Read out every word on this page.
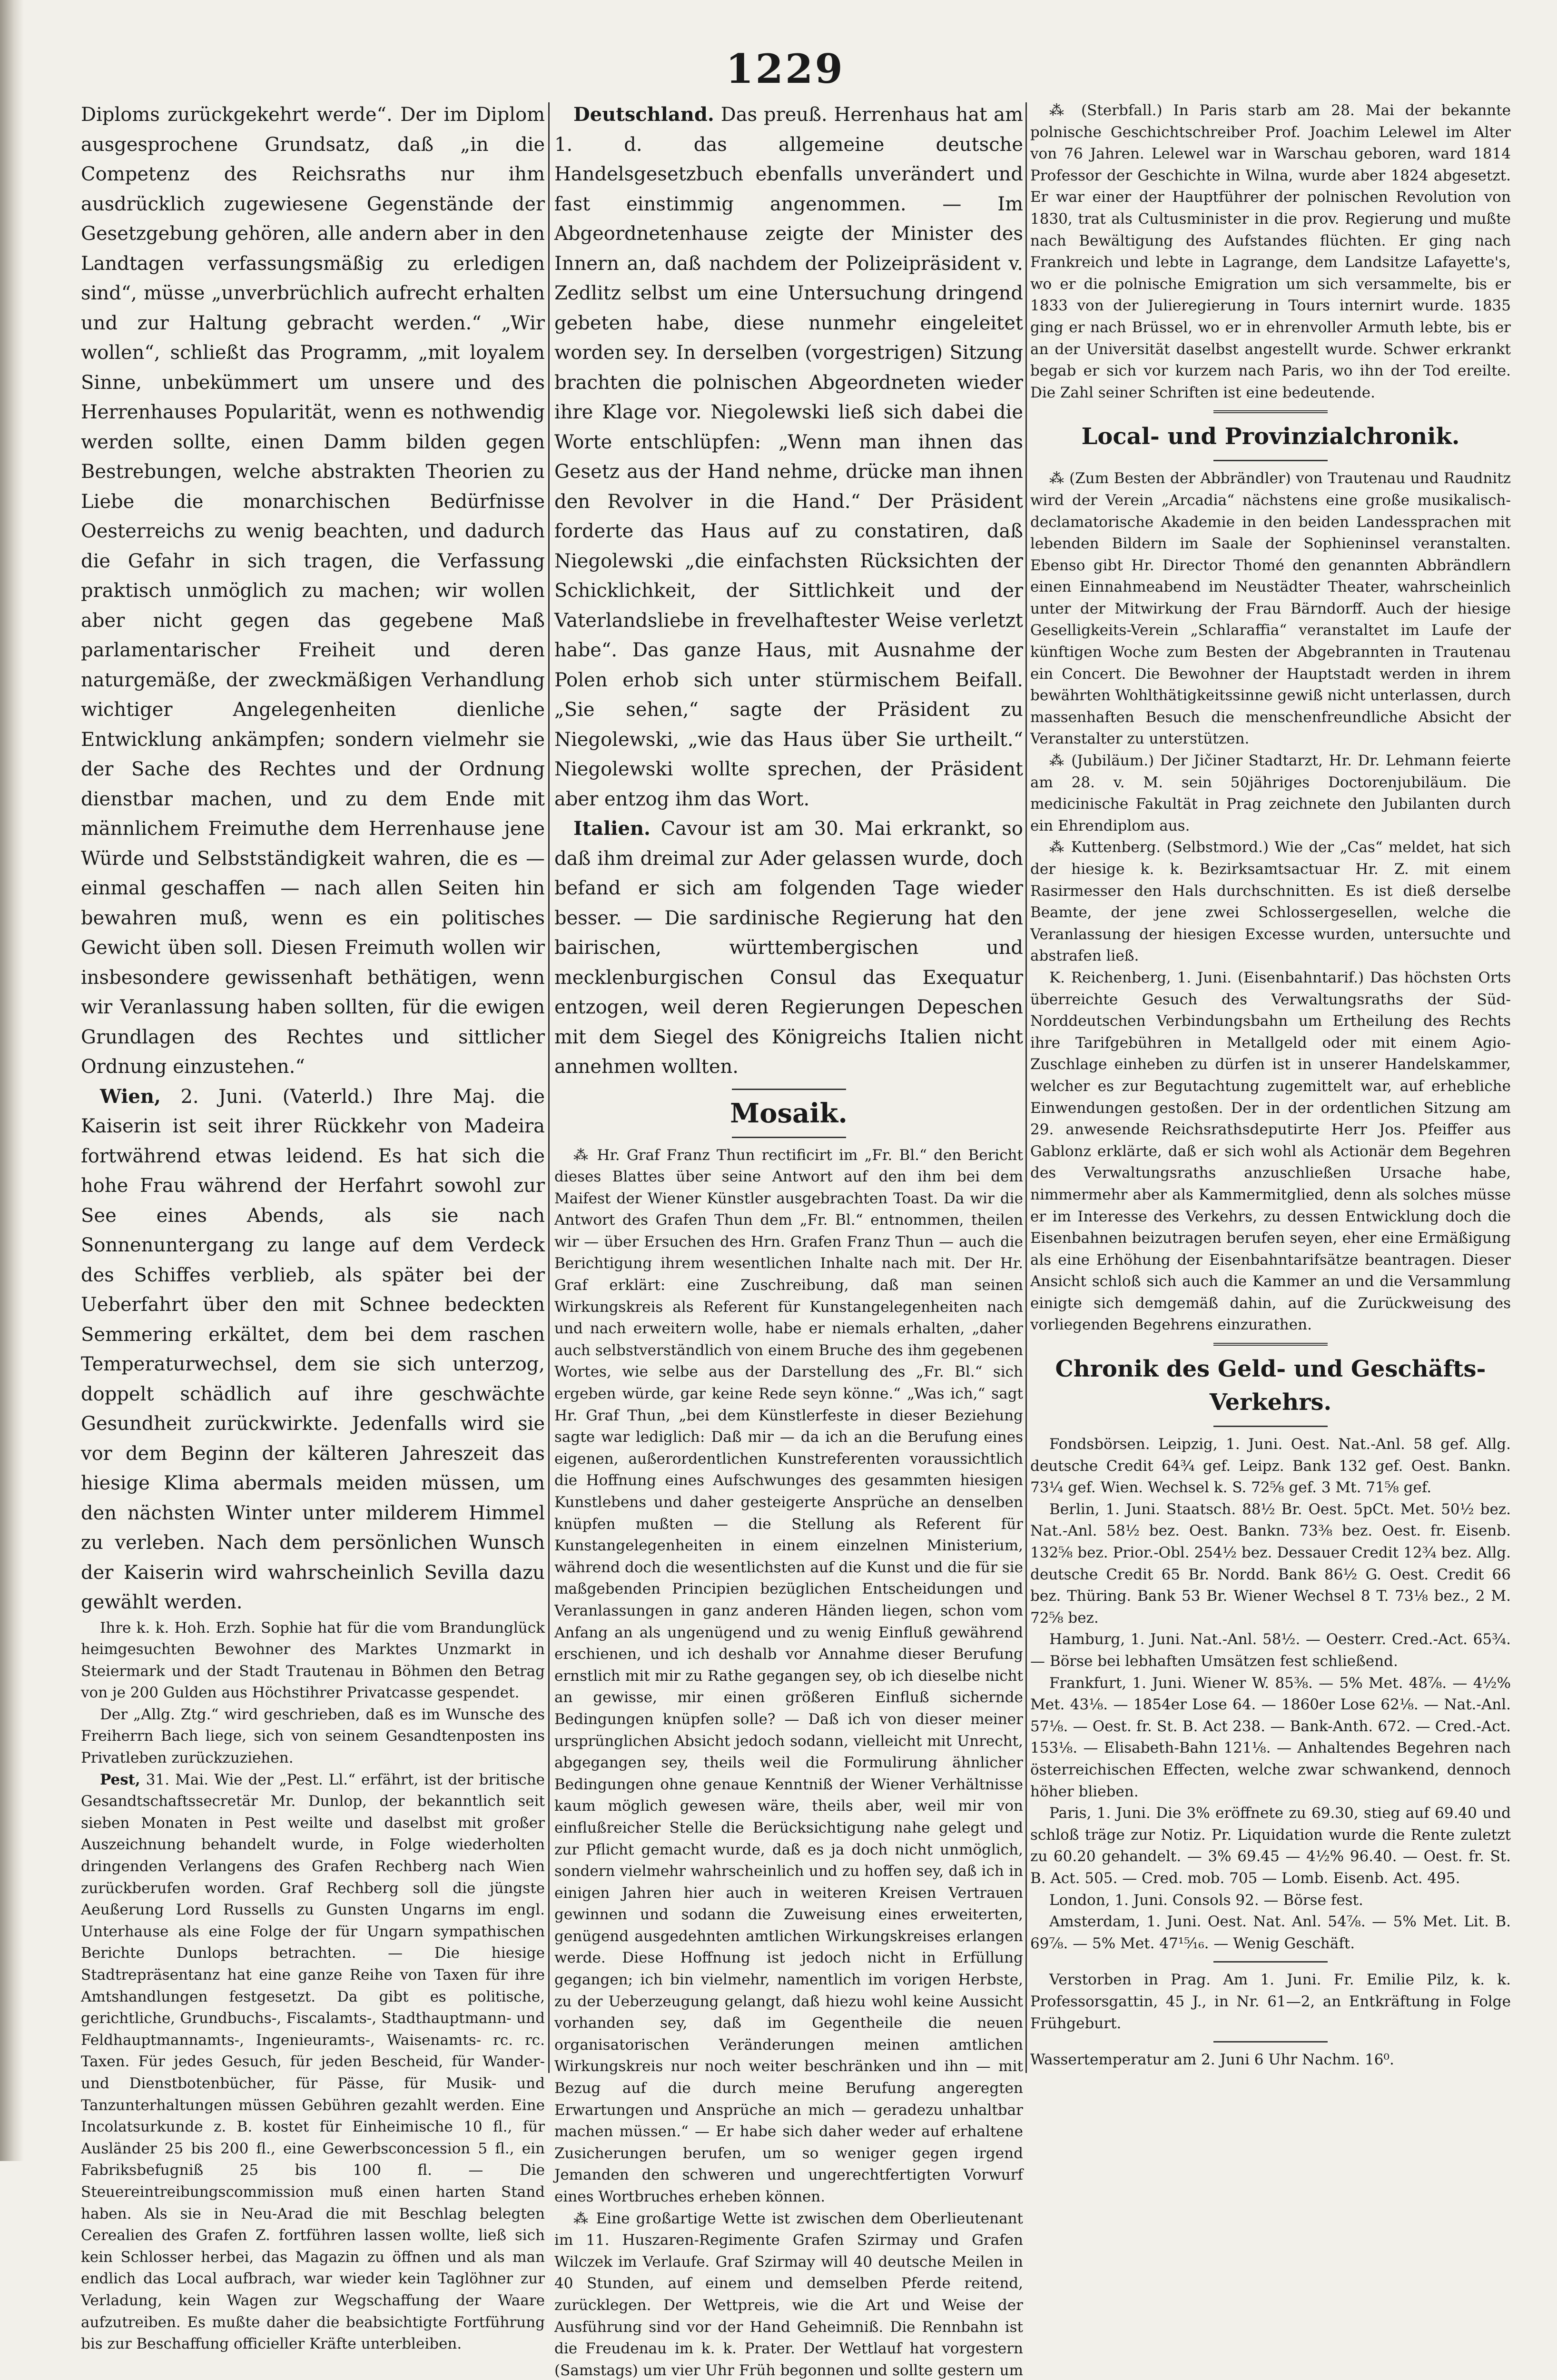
1229

Diploms zurückgekehrt werde“. Der im Diplom ausgesprochene Grundsatz, daß „in die Competenz des Reichsraths nur ihm ausdrücklich zugewiesene Gegenstände der Gesetzgebung gehören, alle andern aber in den Landtagen verfassungsmäßig zu erledigen sind“, müsse „unverbrüchlich aufrecht erhalten und zur Haltung gebracht werden.“ „Wir wollen“, schließt das Programm, „mit loyalem Sinne, unbekümmert um unsere und des Herrenhauses Popularität, wenn es nothwendig werden sollte, einen Damm bilden gegen Bestrebungen, welche abstrakten Theorien zu Liebe die monarchischen Bedürfnisse Oesterreichs zu wenig beachten, und dadurch die Gefahr in sich tragen, die Verfassung praktisch unmöglich zu machen; wir wollen aber nicht gegen das gegebene Maß parlamentarischer Freiheit und deren naturgemäße, der zweckmäßigen Verhandlung wichtiger Angelegenheiten dienliche Entwicklung ankämpfen; sondern vielmehr sie der Sache des Rechtes und der Ordnung dienstbar machen, und zu dem Ende mit männlichem Freimuthe dem Herrenhause jene Würde und Selbstständigkeit wahren, die es — einmal geschaffen — nach allen Seiten hin bewahren muß, wenn es ein politisches Gewicht üben soll. Diesen Freimuth wollen wir insbesondere gewissenhaft bethätigen, wenn wir Veranlassung haben sollten, für die ewigen Grundlagen des Rechtes und sittlicher Ordnung einzustehen.“

Wien, 2. Juni. (Vaterld.) Ihre Maj. die Kaiserin ist seit ihrer Rückkehr von Madeira fortwährend etwas leidend. Es hat sich die hohe Frau während der Herfahrt sowohl zur See eines Abends, als sie nach Sonnenuntergang zu lange auf dem Verdeck des Schiffes verblieb, als später bei der Ueberfahrt über den mit Schnee bedeckten Semmering erkältet, dem bei dem raschen Temperaturwechsel, dem sie sich unterzog, doppelt schädlich auf ihre geschwächte Gesundheit zurückwirkte. Jedenfalls wird sie vor dem Beginn der kälteren Jahreszeit das hiesige Klima abermals meiden müssen, um den nächsten Winter unter milderem Himmel zu verleben. Nach dem persönlichen Wunsch der Kaiserin wird wahrscheinlich Sevilla dazu gewählt werden.

Ihre k. k. Hoh. Erzh. Sophie hat für die vom Brandunglück heimgesuchten Bewohner des Marktes Unzmarkt in Steiermark und der Stadt Trautenau in Böhmen den Betrag von je 200 Gulden aus Höchstihrer Privatcasse gespendet.

Der „Allg. Ztg.“ wird geschrieben, daß es im Wunsche des Freiherrn Bach liege, sich von seinem Gesandtenposten ins Privatleben zurückzuziehen.

Pest, 31. Mai. Wie der „Pest. Ll.“ erfährt, ist der britische Gesandtschaftssecretär Mr. Dunlop, der bekanntlich seit sieben Monaten in Pest weilte und daselbst mit großer Auszeichnung behandelt wurde, in Folge wiederholten dringenden Verlangens des Grafen Rechberg nach Wien zurückberufen worden. Graf Rechberg soll die jüngste Aeußerung Lord Russells zu Gunsten Ungarns im engl. Unterhause als eine Folge der für Ungarn sympathischen Berichte Dunlops betrachten. — Die hiesige Stadtrepräsentanz hat eine ganze Reihe von Taxen für ihre Amtshandlungen festgesetzt. Da gibt es politische, gerichtliche, Grundbuchs-, Fiscalamts-, Stadthauptmann- und Feldhauptmannamts-, Ingenieuramts-, Waisenamts- rc. rc. Taxen. Für jedes Gesuch, für jeden Bescheid, für Wander- und Dienstbotenbücher, für Pässe, für Musik- und Tanzunterhaltungen müssen Gebühren gezahlt werden. Eine Incolatsurkunde z. B. kostet für Einheimische 10 fl., für Ausländer 25 bis 200 fl., eine Gewerbsconcession 5 fl., ein Fabriksbefugniß 25 bis 100 fl. — Die Steuereintreibungscommission muß einen harten Stand haben. Als sie in Neu-Arad die mit Beschlag belegten Cerealien des Grafen Z. fortführen lassen wollte, ließ sich kein Schlosser herbei, das Magazin zu öffnen und als man endlich das Local aufbrach, war wieder kein Taglöhner zur Verladung, kein Wagen zur Wegschaffung der Waare aufzutreiben. Es mußte daher die beabsichtigte Fortführung bis zur Beschaffung officieller Kräfte unterbleiben.

Deutschland. Das preuß. Herrenhaus hat am 1. d. das allgemeine deutsche Handelsgesetzbuch ebenfalls unverändert und fast einstimmig angenommen. — Im Abgeordnetenhause zeigte der Minister des Innern an, daß nachdem der Polizeipräsident v. Zedlitz selbst um eine Untersuchung dringend gebeten habe, diese nunmehr eingeleitet worden sey. In derselben (vorgestrigen) Sitzung brachten die polnischen Abgeordneten wieder ihre Klage vor. Niegolewski ließ sich dabei die Worte entschlüpfen: „Wenn man ihnen das Gesetz aus der Hand nehme, drücke man ihnen den Revolver in die Hand.“ Der Präsident forderte das Haus auf zu constatiren, daß Niegolewski „die einfachsten Rücksichten der Schicklichkeit, der Sittlichkeit und der Vaterlandsliebe in frevelhaftester Weise verletzt habe“. Das ganze Haus, mit Ausnahme der Polen erhob sich unter stürmischem Beifall. „Sie sehen,“ sagte der Präsident zu Niegolewski, „wie das Haus über Sie urtheilt.“ Niegolewski wollte sprechen, der Präsident aber entzog ihm das Wort.

Italien. Cavour ist am 30. Mai erkrankt, so daß ihm dreimal zur Ader gelassen wurde, doch befand er sich am folgenden Tage wieder besser. — Die sardinische Regierung hat den bairischen, württembergischen und mecklenburgischen Consul das Exequatur entzogen, weil deren Regierungen Depeschen mit dem Siegel des Königreichs Italien nicht annehmen wollten.

Mosaik.

⁂ Hr. Graf Franz Thun rectificirt im „Fr. Bl.“ den Bericht dieses Blattes über seine Antwort auf den ihm bei dem Maifest der Wiener Künstler ausgebrachten Toast. Da wir die Antwort des Grafen Thun dem „Fr. Bl.“ entnommen, theilen wir — über Ersuchen des Hrn. Grafen Franz Thun — auch die Berichtigung ihrem wesentlichen Inhalte nach mit. Der Hr. Graf erklärt: eine Zuschreibung, daß man seinen Wirkungskreis als Referent für Kunstangelegenheiten nach und nach erweitern wolle, habe er niemals erhalten, „daher auch selbstverständlich von einem Bruche des ihm gegebenen Wortes, wie selbe aus der Darstellung des „Fr. Bl.“ sich ergeben würde, gar keine Rede seyn könne.“ „Was ich,“ sagt Hr. Graf Thun, „bei dem Künstlerfeste in dieser Beziehung sagte war lediglich: Daß mir — da ich an die Berufung eines eigenen, außerordentlichen Kunstreferenten voraussichtlich die Hoffnung eines Aufschwunges des gesammten hiesigen Kunstlebens und daher gesteigerte Ansprüche an denselben knüpfen mußten — die Stellung als Referent für Kunstangelegenheiten in einem einzelnen Ministerium, während doch die wesentlichsten auf die Kunst und die für sie maßgebenden Principien bezüglichen Entscheidungen und Veranlassungen in ganz anderen Händen liegen, schon vom Anfang an als ungenügend und zu wenig Einfluß gewährend erschienen, und ich deshalb vor Annahme dieser Berufung ernstlich mit mir zu Rathe gegangen sey, ob ich dieselbe nicht an gewisse, mir einen größeren Einfluß sichernde Bedingungen knüpfen solle? — Daß ich von dieser meiner ursprünglichen Absicht jedoch sodann, vielleicht mit Unrecht, abgegangen sey, theils weil die Formulirung ähnlicher Bedingungen ohne genaue Kenntniß der Wiener Verhältnisse kaum möglich gewesen wäre, theils aber, weil mir von einflußreicher Stelle die Berücksichtigung nahe gelegt und zur Pflicht gemacht wurde, daß es ja doch nicht unmöglich, sondern vielmehr wahrscheinlich und zu hoffen sey, daß ich in einigen Jahren hier auch in weiteren Kreisen Vertrauen gewinnen und sodann die Zuweisung eines erweiterten, genügend ausgedehnten amtlichen Wirkungskreises erlangen werde. Diese Hoffnung ist jedoch nicht in Erfüllung gegangen; ich bin vielmehr, namentlich im vorigen Herbste, zu der Ueberzeugung gelangt, daß hiezu wohl keine Aussicht vorhanden sey, daß im Gegentheile die neuen organisatorischen Veränderungen meinen amtlichen Wirkungskreis nur noch weiter beschränken und ihn — mit Bezug auf die durch meine Berufung angeregten Erwartungen und Ansprüche an mich — geradezu unhaltbar machen müssen.“ — Er habe sich daher weder auf erhaltene Zusicherungen berufen, um so weniger gegen irgend Jemanden den schweren und ungerechtfertigten Vorwurf eines Wortbruches erheben können.

⁂ Eine großartige Wette ist zwischen dem Oberlieutenant im 11. Huszaren-Regimente Grafen Szirmay und Grafen Wilczek im Verlaufe. Graf Szirmay will 40 deutsche Meilen in 40 Stunden, auf einem und demselben Pferde reitend, zurücklegen. Der Wettpreis, wie die Art und Weise der Ausführung sind vor der Hand Geheimniß. Die Rennbahn ist die Freudenau im k. k. Prater. Der Wettlauf hat vorgestern (Samstags) um vier Uhr Früh begonnen und sollte gestern um

⁂ (Sterbfall.) In Paris starb am 28. Mai der bekannte polnische Geschichtschreiber Prof. Joachim Lelewel im Alter von 76 Jahren. Lelewel war in Warschau geboren, ward 1814 Professor der Geschichte in Wilna, wurde aber 1824 abgesetzt. Er war einer der Hauptführer der polnischen Revolution von 1830, trat als Cultusminister in die prov. Regierung und mußte nach Bewältigung des Aufstandes flüchten. Er ging nach Frankreich und lebte in Lagrange, dem Landsitze Lafayette's, wo er die polnische Emigration um sich versammelte, bis er 1833 von der Julieregierung in Tours internirt wurde. 1835 ging er nach Brüssel, wo er in ehrenvoller Armuth lebte, bis er an der Universität daselbst angestellt wurde. Schwer erkrankt begab er sich vor kurzem nach Paris, wo ihn der Tod ereilte. Die Zahl seiner Schriften ist eine bedeutende.

Local- und Provinzialchronik.

⁂ (Zum Besten der Abbrändler) von Trautenau und Raudnitz wird der Verein „Arcadia“ nächstens eine große musikalisch-declamatorische Akademie in den beiden Landessprachen mit lebenden Bildern im Saale der Sophieninsel veranstalten. Ebenso gibt Hr. Director Thomé den genannten Abbrändlern einen Einnahmeabend im Neustädter Theater, wahrscheinlich unter der Mitwirkung der Frau Bärndorff. Auch der hiesige Geselligkeits-Verein „Schlaraffia“ veranstaltet im Laufe der künftigen Woche zum Besten der Abgebrannten in Trautenau ein Concert. Die Bewohner der Hauptstadt werden in ihrem bewährten Wohlthätigkeitssinne gewiß nicht unterlassen, durch massenhaften Besuch die menschenfreundliche Absicht der Veranstalter zu unterstützen.

⁂ (Jubiläum.) Der Jičiner Stadtarzt, Hr. Dr. Lehmann feierte am 28. v. M. sein 50jähriges Doctorenjubiläum. Die medicinische Fakultät in Prag zeichnete den Jubilanten durch ein Ehrendiplom aus.

⁂ Kuttenberg. (Selbstmord.) Wie der „Cas“ meldet, hat sich der hiesige k. k. Bezirksamtsactuar Hr. Z. mit einem Rasirmesser den Hals durchschnitten. Es ist dieß derselbe Beamte, der jene zwei Schlossergesellen, welche die Veranlassung der hiesigen Excesse wurden, untersuchte und abstrafen ließ.

K. Reichenberg, 1. Juni. (Eisenbahntarif.) Das höchsten Orts überreichte Gesuch des Verwaltungsraths der Süd-Norddeutschen Verbindungsbahn um Ertheilung des Rechts ihre Tarifgebühren in Metallgeld oder mit einem Agio-Zuschlage einheben zu dürfen ist in unserer Handelskammer, welcher es zur Begutachtung zugemittelt war, auf erhebliche Einwendungen gestoßen. Der in der ordentlichen Sitzung am 29. anwesende Reichsrathsdeputirte Herr Jos. Pfeiffer aus Gablonz erklärte, daß er sich wohl als Actionär dem Begehren des Verwaltungsraths anzuschließen Ursache habe, nimmermehr aber als Kammermitglied, denn als solches müsse er im Interesse des Verkehrs, zu dessen Entwicklung doch die Eisenbahnen beizutragen berufen seyen, eher eine Ermäßigung als eine Erhöhung der Eisenbahntarifsätze beantragen. Dieser Ansicht schloß sich auch die Kammer an und die Versammlung einigte sich demgemäß dahin, auf die Zurückweisung des vorliegenden Begehrens einzurathen.

Chronik des Geld- und Geschäfts-Verkehrs.

Fondsbörsen. Leipzig, 1. Juni. Oest. Nat.-Anl. 58 gef. Allg. deutsche Credit 64¾ gef. Leipz. Bank 132 gef. Oest. Bankn. 73¼ gef. Wien. Wechsel k. S. 72⅝ gef. 3 Mt. 71⅝ gef.

Berlin, 1. Juni. Staatsch. 88½ Br. Oest. 5pCt. Met. 50½ bez. Nat.-Anl. 58½ bez. Oest. Bankn. 73⅜ bez. Oest. fr. Eisenb. 132⅝ bez. Prior.-Obl. 254½ bez. Dessauer Credit 12¾ bez. Allg. deutsche Credit 65 Br. Nordd. Bank 86½ G. Oest. Credit 66 bez. Thüring. Bank 53 Br. Wiener Wechsel 8 T. 73⅛ bez., 2 M. 72⅝ bez.

Hamburg, 1. Juni. Nat.-Anl. 58½. — Oesterr. Cred.-Act. 65¾. — Börse bei lebhaften Umsätzen fest schließend.

Frankfurt, 1. Juni. Wiener W. 85⅜. — 5% Met. 48⅞. — 4½% Met. 43⅛. — 1854er Lose 64. — 1860er Lose 62⅛. — Nat.-Anl. 57⅛. — Oest. fr. St. B. Act 238. — Bank-Anth. 672. — Cred.-Act. 153⅛. — Elisabeth-Bahn 121⅛. — Anhaltendes Begehren nach österreichischen Effecten, welche zwar schwankend, dennoch höher blieben.

Paris, 1. Juni. Die 3% eröffnete zu 69.30, stieg auf 69.40 und schloß träge zur Notiz. Pr. Liquidation wurde die Rente zuletzt zu 60.20 gehandelt. — 3% 69.45 — 4½% 96.40. — Oest. fr. St. B. Act. 505. — Cred. mob. 705 — Lomb. Eisenb. Act. 495.

London, 1. Juni. Consols 92. — Börse fest.

Amsterdam, 1. Juni. Oest. Nat. Anl. 54⅞. — 5% Met. Lit. B. 69⅞. — 5% Met. 47¹⁵⁄₁₆. — Wenig Geschäft.

Verstorben in Prag. Am 1. Juni. Fr. Emilie Pilz, k. k. Professorsgattin, 45 J., in Nr. 61—2, an Entkräftung in Folge Frühgeburt.

Wassertemperatur am 2. Juni 6 Uhr Nachm. 16⁰.
